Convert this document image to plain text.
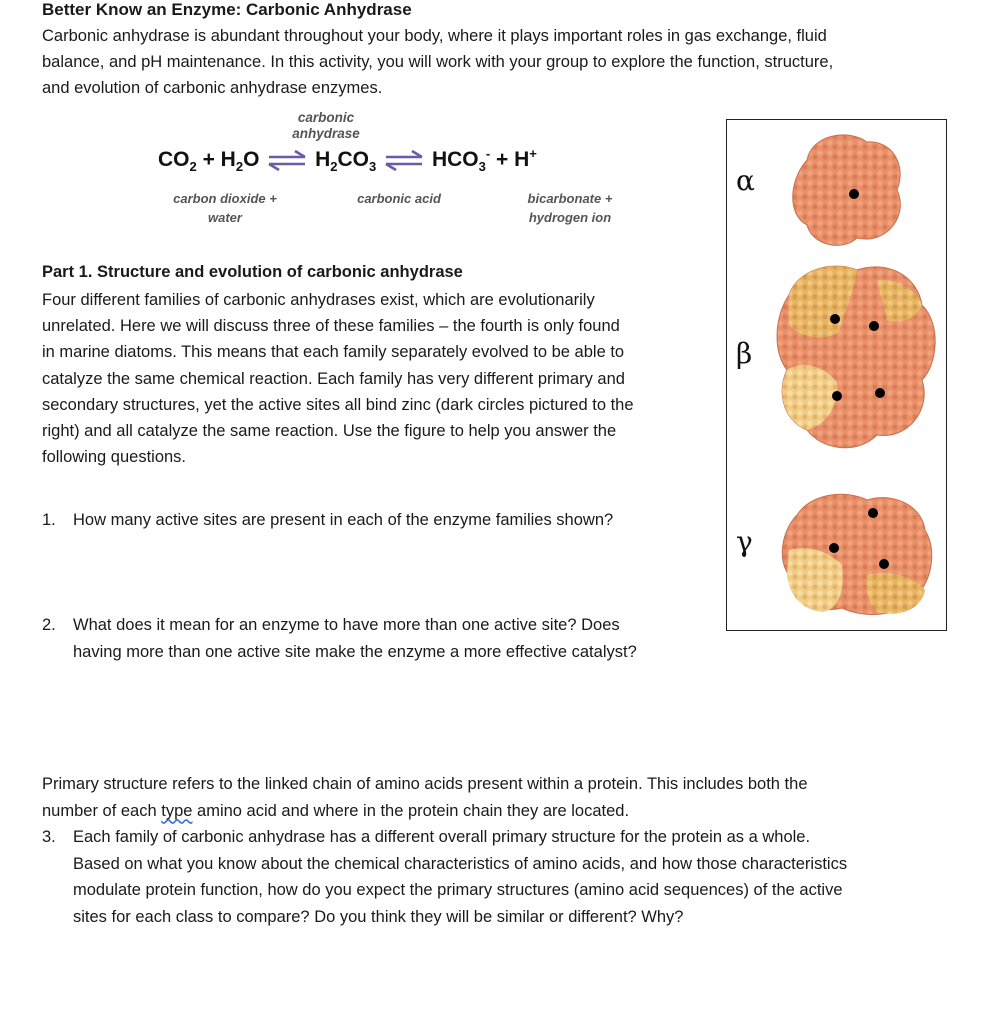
Better Know an Enzyme: Carbonic Anhydrase
Carbonic anhydrase is abundant throughout your body, where it plays important roles in gas exchange, fluid
balance, and pH maintenance. In this activity, you will work with your group to explore the function, structure,
and evolution of carbonic anhydrase enzymes.
carbonic
anhydrase
$CO_2 + H_2O$ ⇌ $H_2CO_3$ ⇌ $HCO_3^- + H^+$
carbon dioxide +
water
carbonic acid	bicarbonate +
hydrogen ion
Part 1. Structure and evolution of carbonic anhydrase
Four different families of carbonic anhydrases exist, which are evolutionarily
unrelated. Here we will discuss three of these families – the fourth is only found
in marine diatoms. This means that each family separately evolved to be able to
catalyze the same chemical reaction. Each family has very different primary and
secondary structures, yet the active sites all bind zinc (dark circles pictured to the
right) and all catalyze the same reaction. Use the figure to help you answer the
following questions.
1. How many active sites are present in each of the enzyme families shown?
2. What does it mean for an enzyme to have more than one active site? Does
having more than one active site make the enzyme a more effective catalyst?
α
β
γ
Primary structure refers to the linked chain of amino acids present within a protein. This includes both the
number of each type amino acid and where in the protein chain they are located.
3. Each family of carbonic anhydrase has a different overall primary structure for the protein as a whole.
Based on what you know about the chemical characteristics of amino acids, and how those characteristics
modulate protein function, how do you expect the primary structures (amino acid sequences) of the active
sites for each class to compare? Do you think they will be similar or different? Why?
